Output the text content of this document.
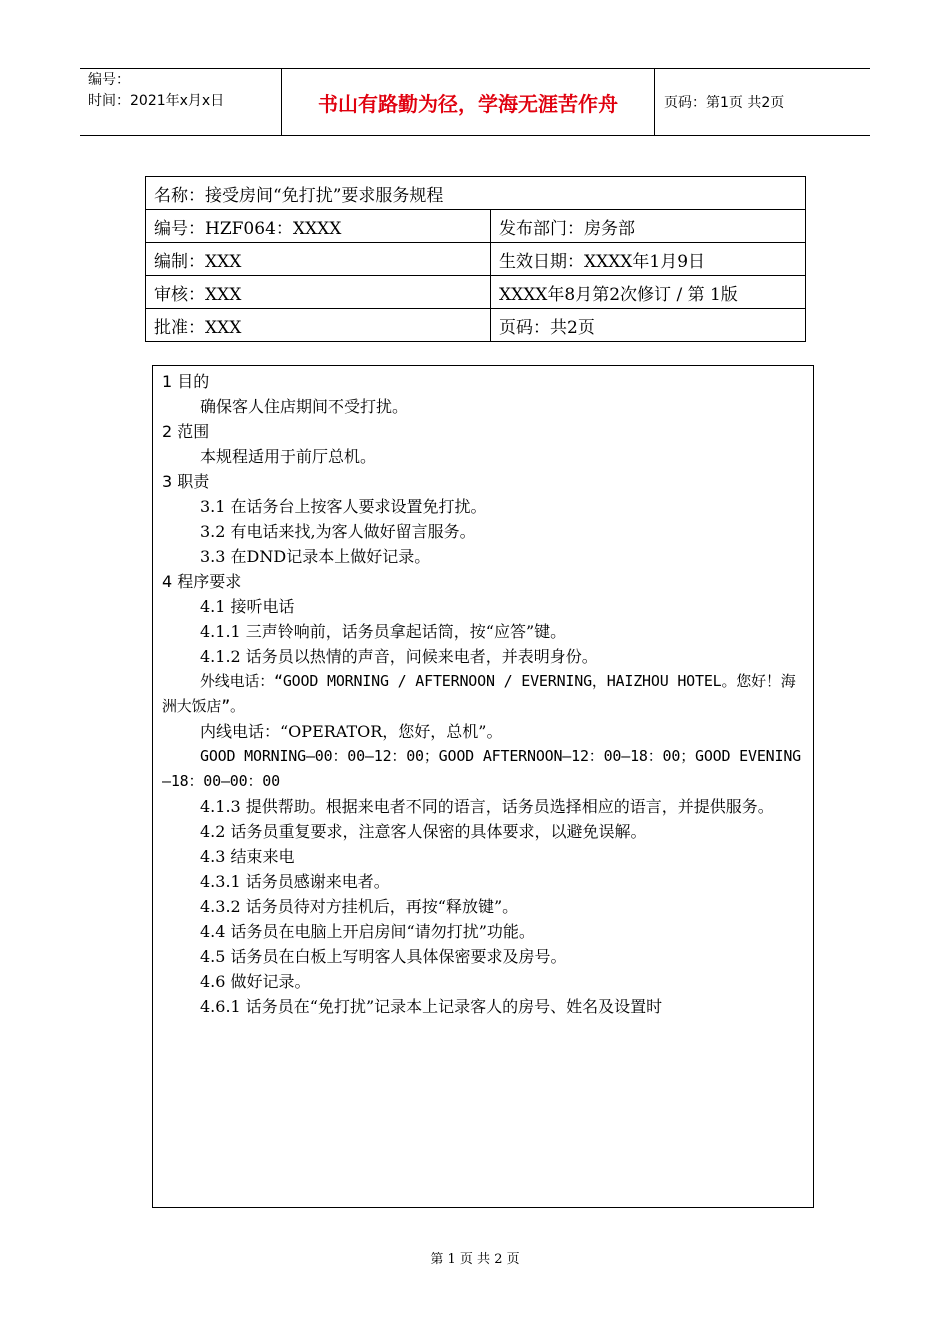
编号：
时间：2021年x月x日	书山有路勤为径，学海无涯苦作舟	页码：第1页 共2页
名称：接受房间“免打扰”要求服务规程	
编号：HZF064：XXXX	发布部门：房务部
编制：XXX	生效日期：XXXX年1月9日
审核：XXX	XXXX年8月第2次修订 / 第 1版
批准：XXX	页码：共2页

1 目的

确保客人住店期间不受打扰。

2 范围

本规程适用于前厅总机。

3 职责

3.1 在话务台上按客人要求设置免打扰。

3.2 有电话来找,为客人做好留言服务。

3.3 在DND记录本上做好记录。

4 程序要求

4.1 接听电话

4.1.1 三声铃响前，话务员拿起话筒，按“应答”键。

4.1.2 话务员以热情的声音，问候来电者，并表明身份。

外线电话：“GOOD MORNING / AFTERNOON / EVERNING，HAIZHOU HOTEL。您好！海洲大饭店”。

内线电话：“OPERATOR，您好，总机”。

GOOD MORNING—00：00—12：00；GOOD AFTERNOON—12：00—18：00；GOOD EVENING—18：00—00：00

4.1.3 提供帮助。根据来电者不同的语言，话务员选择相应的语言，并提供服务。

4.2 话务员重复要求，注意客人保密的具体要求，以避免误解。

4.3 结束来电

4.3.1 话务员感谢来电者。

4.3.2 话务员待对方挂机后，再按“释放键”。

4.4 话务员在电脑上开启房间“请勿打扰”功能。

4.5 话务员在白板上写明客人具体保密要求及房号。

4.6 做好记录。

4.6.1 话务员在“免打扰”记录本上记录客人的房号、姓名及设置时

第 1 页 共 2 页
